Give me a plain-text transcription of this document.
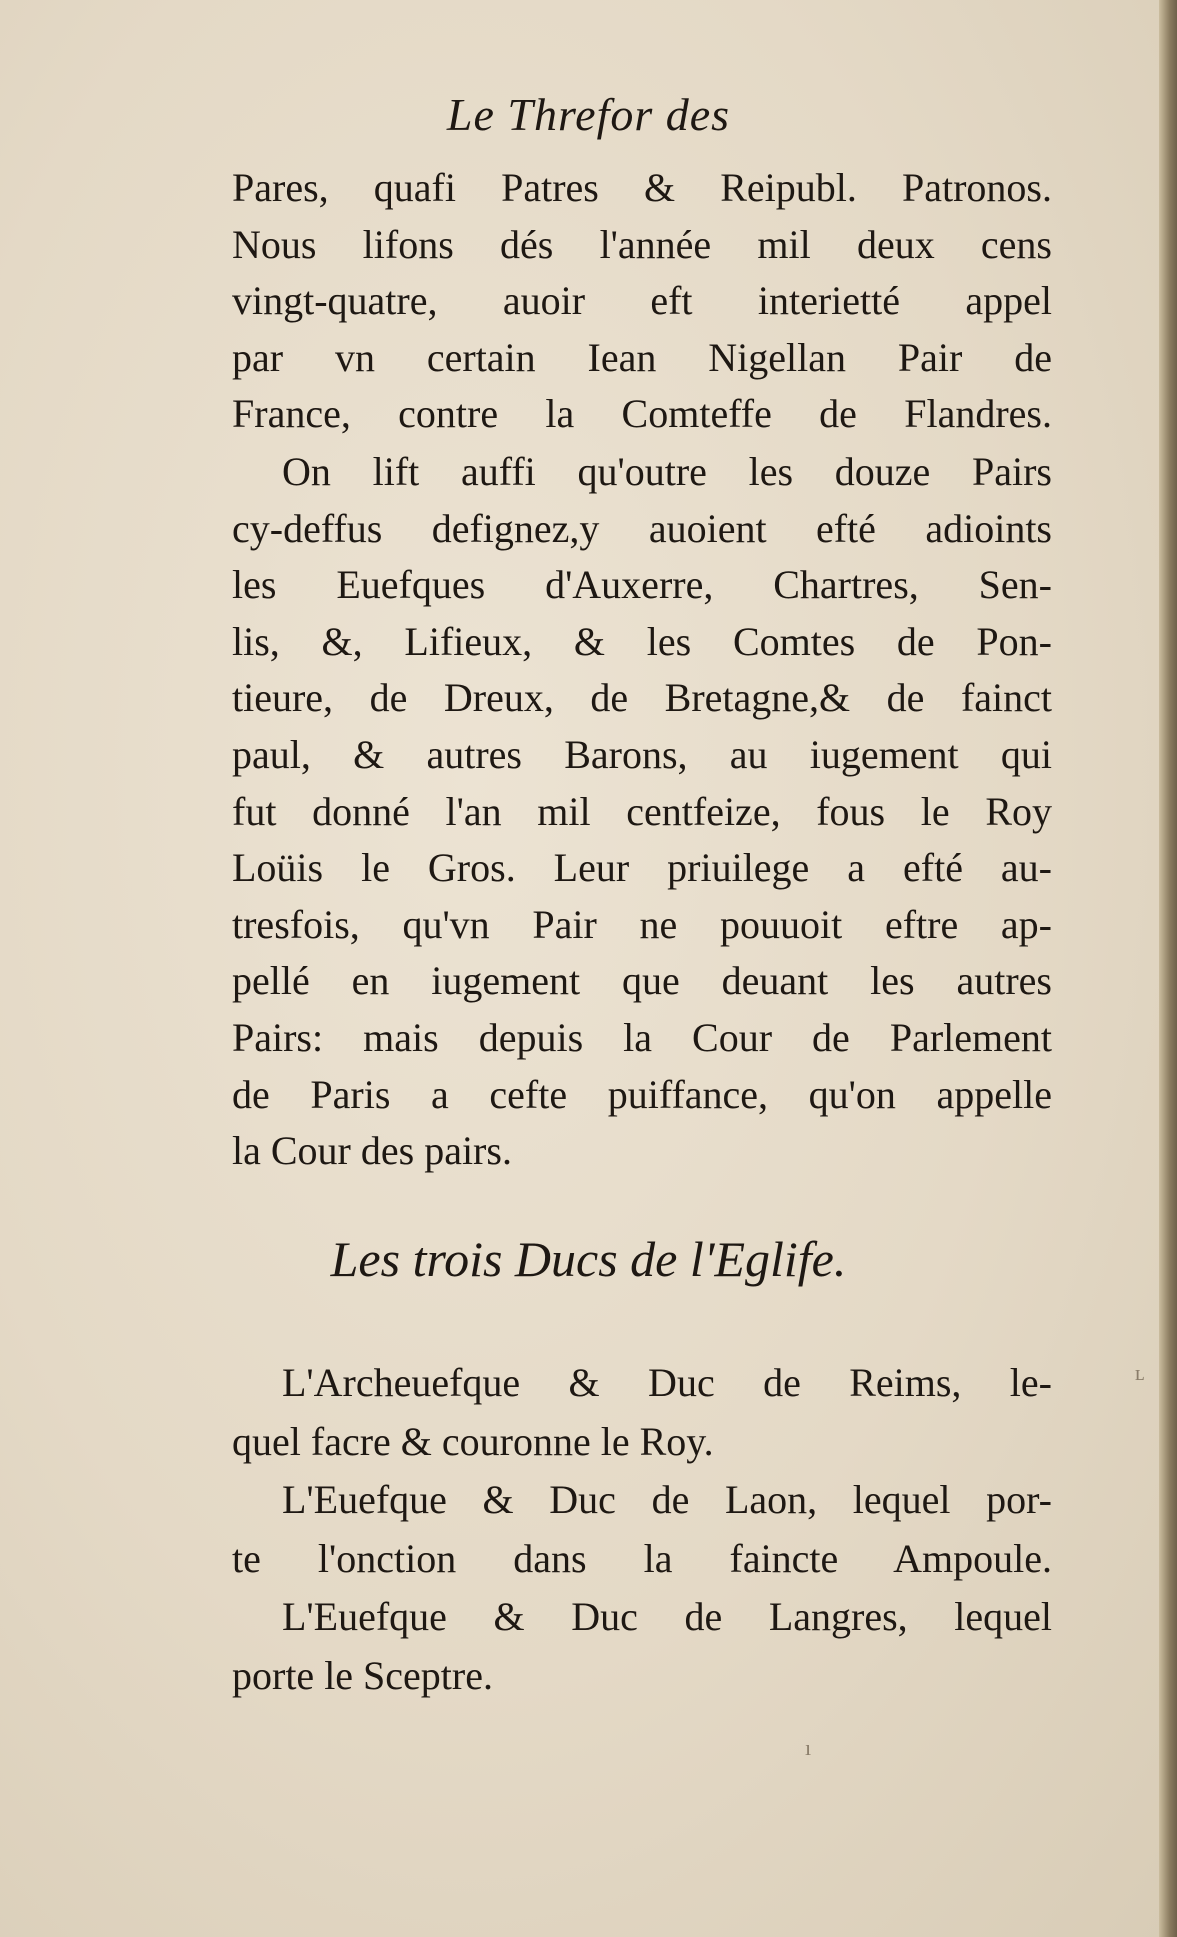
Le Threfor des
Pares, quafi Patres & Reipubl. Patronos.
Nous lifons dés l'année mil deux cens
vingt-quatre, auoir eft interietté appel
par vn certain Iean Nigellan Pair de
France, contre la Comteffe de Flandres.
On lift auffi qu'outre les douze Pairs
cy-deffus defignez,y auoient efté adioints
les Euefques d'Auxerre, Chartres, Sen-
lis, &, Lifieux, & les Comtes de Pon-
tieure, de Dreux, de Bretagne,& de fainct
paul, & autres Barons, au iugement qui
fut donné l'an mil centfeize, fous le Roy
Loüis le Gros. Leur priuilege a efté au-
tresfois, qu'vn Pair ne pouuoit eftre ap-
pellé en iugement que deuant les autres
Pairs: mais depuis la Cour de Parlement
de Paris a cefte puiffance, qu'on appelle
la Cour des pairs.
Les trois Ducs de l'Eglife.
L'Archeuefque & Duc de Reims, le-
quel facre & couronne le Roy.
L'Euefque & Duc de Laon, lequel por-
te l'onction dans la faincte Ampoule.
L'Euefque & Duc de Langres, lequel
porte le Sceptre.
ı
ʟ
